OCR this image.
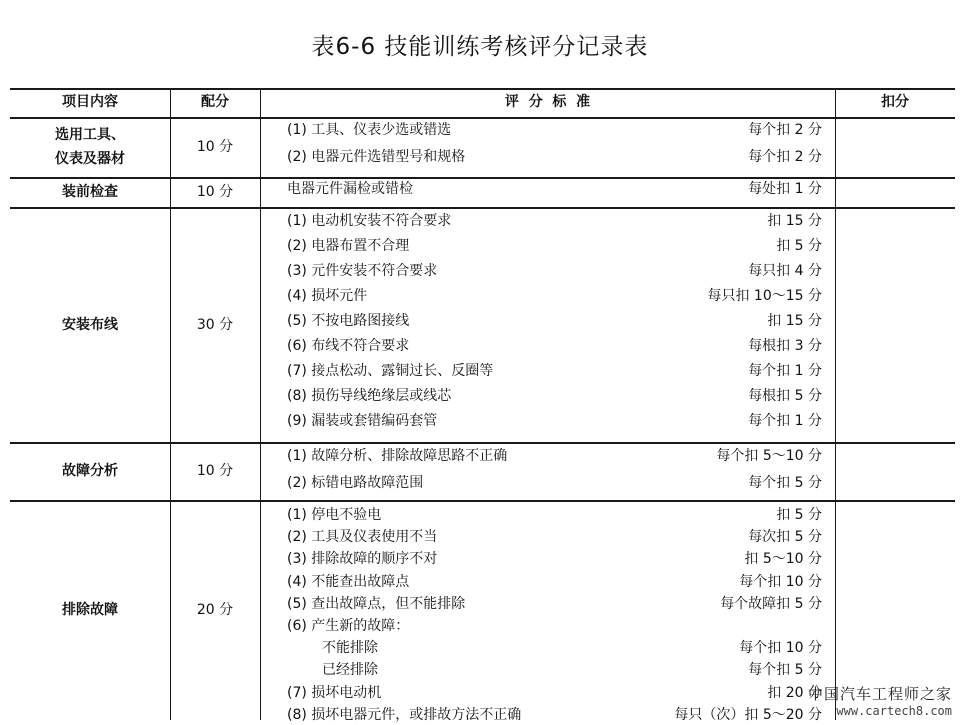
表6-6 技能训练考核评分记录表
项目内容	配分	评  分  标  准	扣分
选用工具、
仪表及器材
10 分
(1) 工具、仪表少选或错选	每个扣 2 分
(2) 电器元件选错型号和规格	每个扣 2 分
装前检查	10 分	电器元件漏检或错检	每处扣 1 分
安装布线	30 分
(1) 电动机安装不符合要求	扣 15 分
(2) 电器布置不合理	扣 5 分
(3) 元件安装不符合要求	每只扣 4 分
(4) 损坏元件	每只扣 10～15 分
(5) 不按电路图接线	扣 15 分
(6) 布线不符合要求	每根扣 3 分
(7) 接点松动、露铜过长、反圈等	每个扣 1 分
(8) 损伤导线绝缘层或线芯	每根扣 5 分
(9) 漏装或套错编码套管	每个扣 1 分
故障分析	10 分
(1) 故障分析、排除故障思路不正确	每个扣 5～10 分
(2) 标错电路故障范围	每个扣 5 分
排除故障	20 分
(1) 停电不验电	扣 5 分
(2) 工具及仪表使用不当	每次扣 5 分
(3) 排除故障的顺序不对	扣 5～10 分
(4) 不能查出故障点	每个扣 10 分
(5) 查出故障点，但不能排除	每个故障扣 5 分
(6) 产生新的故障：
不能排除	每个扣 10 分
已经排除	每个扣 5 分
(7) 损坏电动机	扣 20 分
(8) 损坏电器元件，或排故方法不正确	每只（次）扣 5～20 分
中国汽车工程师之家
www.cartech8.com
